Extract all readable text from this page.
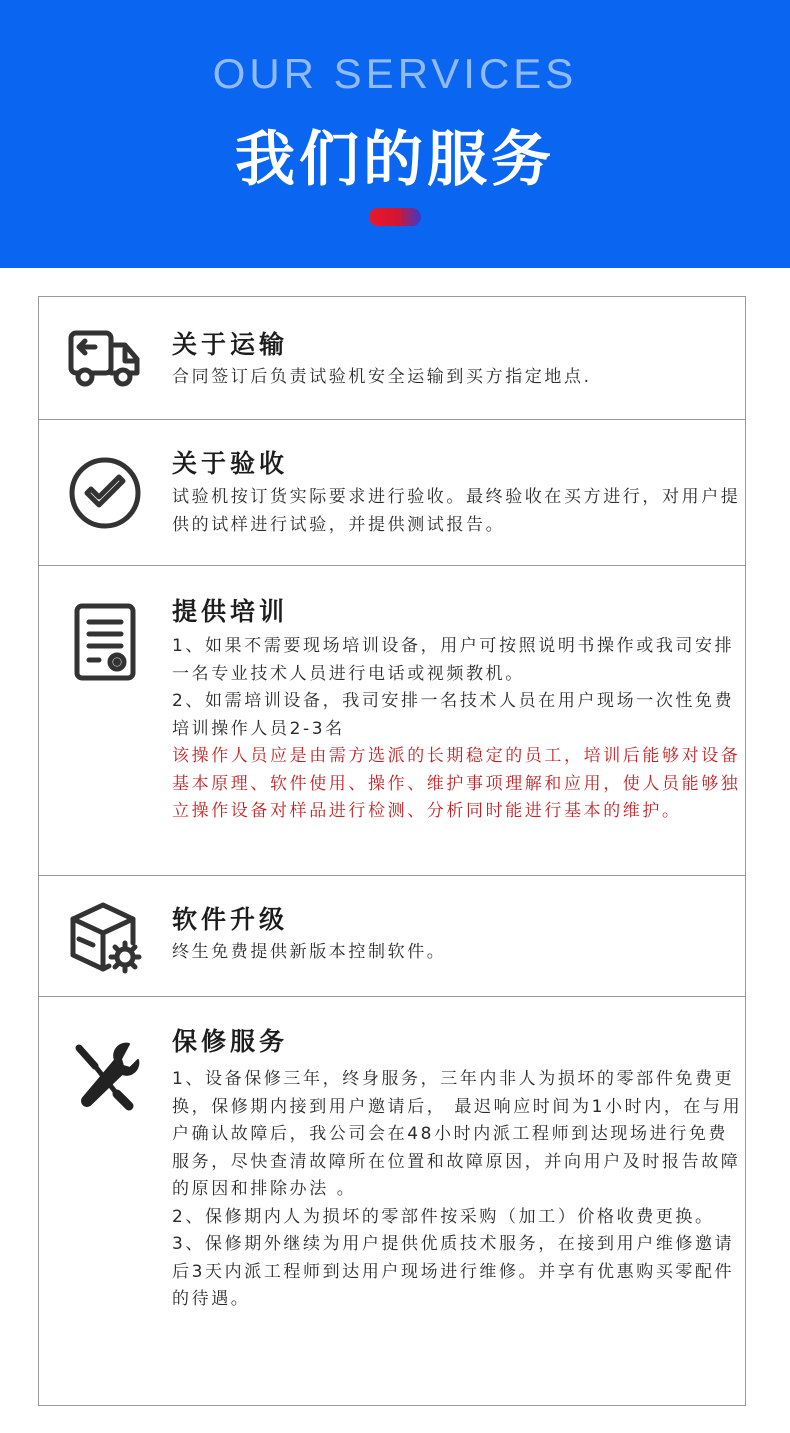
OUR SERVICES
我们的服务
关于运输

合同签订后负责试验机安全运输到买方指定地点.

关于验收

试验机按订货实际要求进行验收。最终验收在买方进行，对用户提供的试样进行试验，并提供测试报告。

提供培训

1、如果不需要现场培训设备，用户可按照说明书操作或我司安排一名专业技术人员进行电话或视频教机。

2、如需培训设备，我司安排一名技术人员在用户现场一次性免费培训操作人员2-3名

该操作人员应是由需方选派的长期稳定的员工，培训后能够对设备基本原理、软件使用、操作、维护事项理解和应用，使人员能够独立操作设备对样品进行检测、分析同时能进行基本的维护。

软件升级

终生免费提供新版本控制软件。

保修服务

1、设备保修三年，终身服务，三年内非人为损坏的零部件免费更换，保修期内接到用户邀请后， 最迟响应时间为1小时内，在与用户确认故障后，我公司会在48小时内派工程师到达现场进行免费服务，尽快查清故障所在位置和故障原因，并向用户及时报告故障的原因和排除办法 。

2、保修期内人为损坏的零部件按采购（加工）价格收费更换。

3、保修期外继续为用户提供优质技术服务，在接到用户维修邀请后3天内派工程师到达用户现场进行维修。并享有优惠购买零配件的待遇。
